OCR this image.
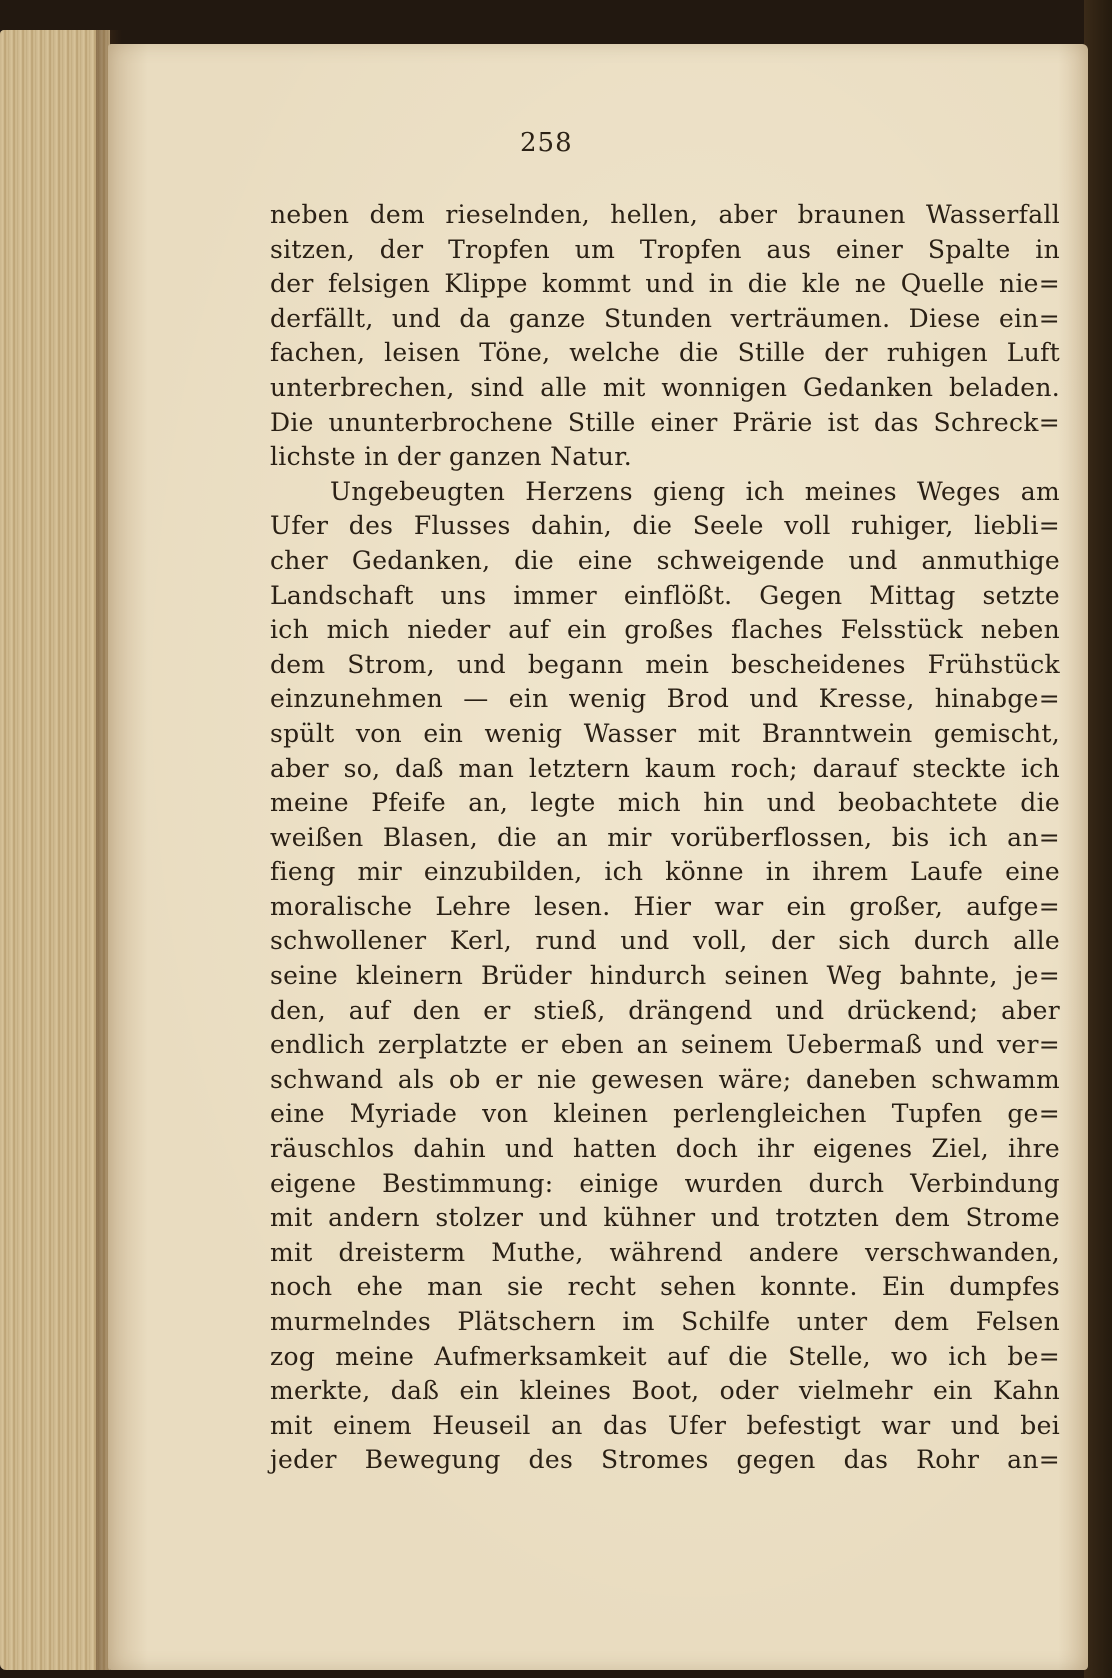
258
neben dem rieselnden, hellen, aber braunen Wasserfall
sitzen, der Tropfen um Tropfen aus einer Spalte in
der felsigen Klippe kommt und in die kle ne Quelle nie=
derfällt, und da ganze Stunden verträumen. Diese ein=
fachen, leisen Töne, welche die Stille der ruhigen Luft
unterbrechen, sind alle mit wonnigen Gedanken beladen.
Die ununterbrochene Stille einer Prärie ist das Schreck=
lichste in der ganzen Natur.
Ungebeugten Herzens gieng ich meines Weges am
Ufer des Flusses dahin, die Seele voll ruhiger, liebli=
cher Gedanken, die eine schweigende und anmuthige
Landschaft uns immer einflößt. Gegen Mittag setzte
ich mich nieder auf ein großes flaches Felsstück neben
dem Strom, und begann mein bescheidenes Frühstück
einzunehmen — ein wenig Brod und Kresse, hinabge=
spült von ein wenig Wasser mit Branntwein gemischt,
aber so, daß man letztern kaum roch; darauf steckte ich
meine Pfeife an, legte mich hin und beobachtete die
weißen Blasen, die an mir vorüberflossen, bis ich an=
fieng mir einzubilden, ich könne in ihrem Laufe eine
moralische Lehre lesen. Hier war ein großer, aufge=
schwollener Kerl, rund und voll, der sich durch alle
seine kleinern Brüder hindurch seinen Weg bahnte, je=
den, auf den er stieß, drängend und drückend; aber
endlich zerplatzte er eben an seinem Uebermaß und ver=
schwand als ob er nie gewesen wäre; daneben schwamm
eine Myriade von kleinen perlengleichen Tupfen ge=
räuschlos dahin und hatten doch ihr eigenes Ziel, ihre
eigene Bestimmung: einige wurden durch Verbindung
mit andern stolzer und kühner und trotzten dem Strome
mit dreisterm Muthe, während andere verschwanden,
noch ehe man sie recht sehen konnte. Ein dumpfes
murmelndes Plätschern im Schilfe unter dem Felsen
zog meine Aufmerksamkeit auf die Stelle, wo ich be=
merkte, daß ein kleines Boot, oder vielmehr ein Kahn
mit einem Heuseil an das Ufer befestigt war und bei
jeder Bewegung des Stromes gegen das Rohr an=
